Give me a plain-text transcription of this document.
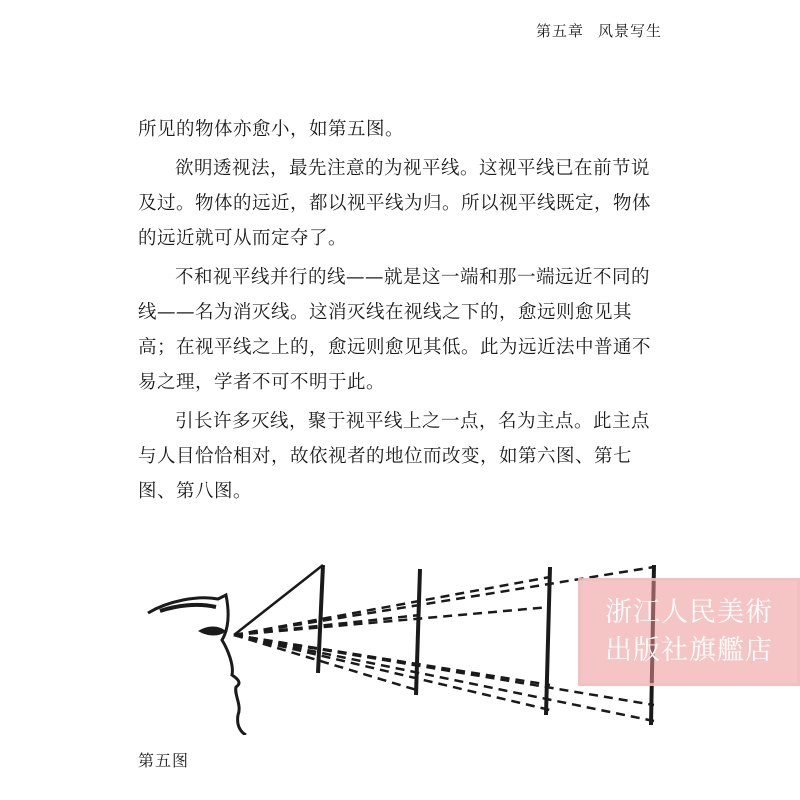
第五章 风景写生

所见的物体亦愈小，如第五图。

欲明透视法，最先注意的为视平线。这视平线已在前节说及过。物体的远近，都以视平线为归。所以视平线既定，物体的远近就可从而定夺了。

不和视平线并行的线——就是这一端和那一端远近不同的线——名为消灭线。这消灭线在视线之下的，愈远则愈见其高；在视平线之上的，愈远则愈见其低。此为远近法中普通不易之理，学者不可不明于此。

引长许多灭线，聚于视平线上之一点，名为主点。此主点与人目恰恰相对，故依视者的地位而改变，如第六图、第七图、第八图。

第五图
浙江人民美術
出版社旗艦店
